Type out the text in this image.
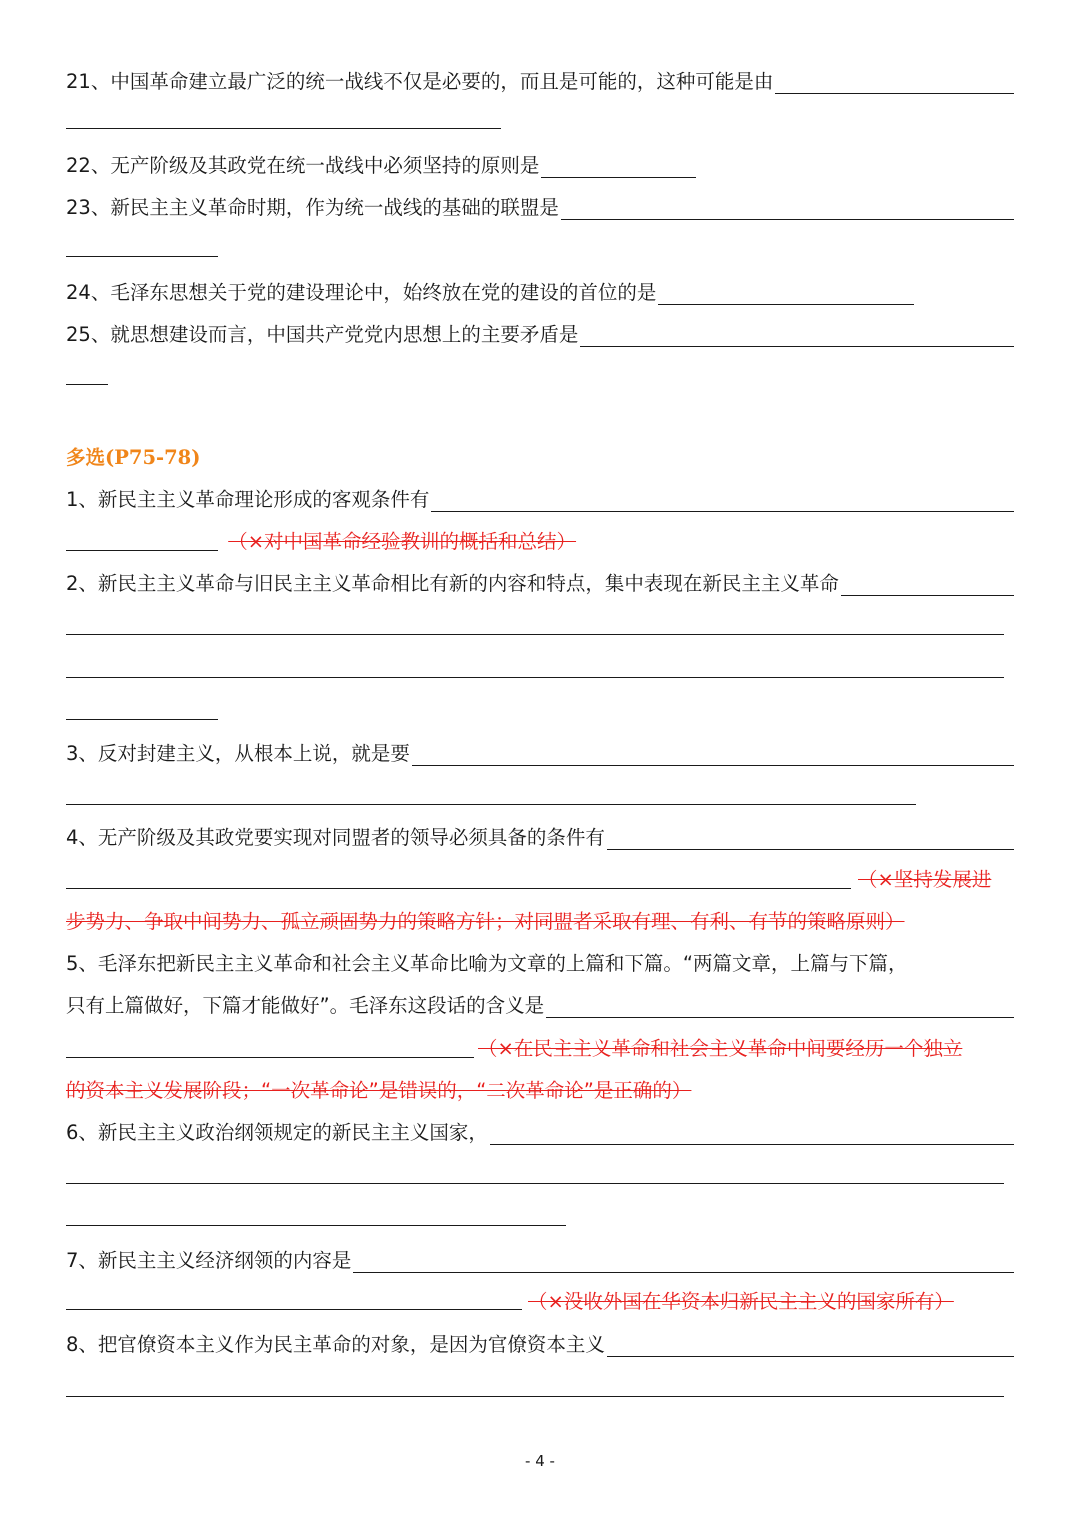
21、中国革命建立最广泛的统一战线不仅是必要的，而且是可能的，这种可能是由
22、无产阶级及其政党在统一战线中必须坚持的原则是
23、新民主主义革命时期，作为统一战线的基础的联盟是
24、毛泽东思想关于党的建设理论中，始终放在党的建设的首位的是
25、就思想建设而言，中国共产党党内思想上的主要矛盾是
多选(P75-78)
1、新民主主义革命理论形成的客观条件有
（×对中国革命经验教训的概括和总结）
2、新民主主义革命与旧民主主义革命相比有新的内容和特点，集中表现在新民主主义革命
3、反对封建主义，从根本上说，就是要
4、无产阶级及其政党要实现对同盟者的领导必须具备的条件有
（×坚持发展进
步势力、争取中间势力、孤立顽固势力的策略方针；对同盟者采取有理、有利、有节的策略原则）
5、毛泽东把新民主主义革命和社会主义革命比喻为文章的上篇和下篇。“两篇文章，上篇与下篇，
只有上篇做好，下篇才能做好”。毛泽东这段话的含义是
（×在民主主义革命和社会主义革命中间要经历一个独立
的资本主义发展阶段；“一次革命论”是错误的，“二次革命论”是正确的）
6、新民主主义政治纲领规定的新民主主义国家，
7、新民主主义经济纲领的内容是
（×没收外国在华资本归新民主主义的国家所有）
8、把官僚资本主义作为民主革命的对象，是因为官僚资本主义
- 4 -
